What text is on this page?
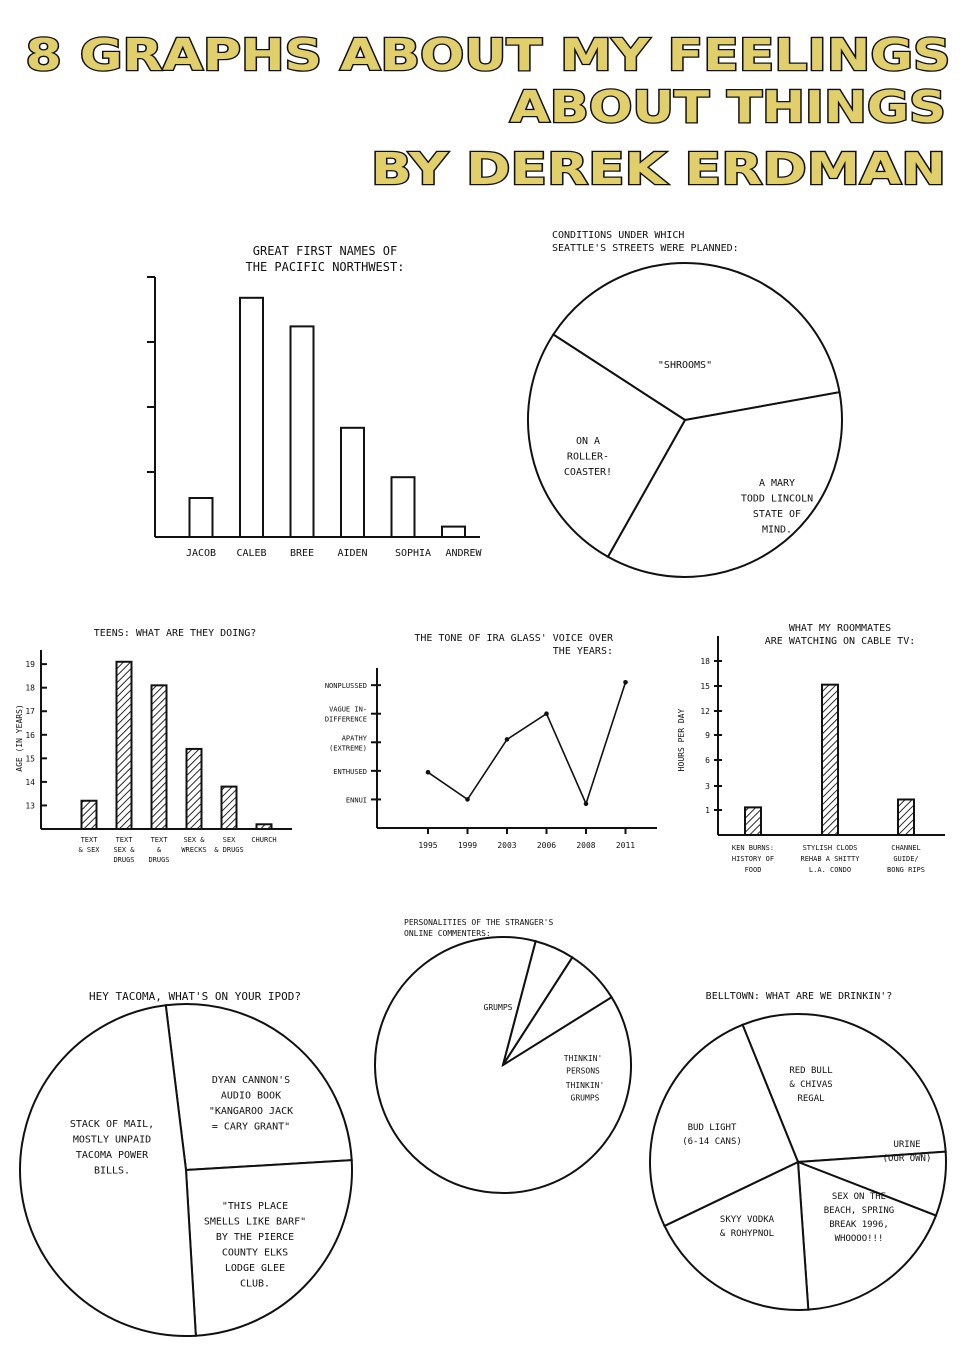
8 GRAPHS ABOUT MY FEELINGS
ABOUT THINGS
BY DEREK ERDMAN
GREAT FIRST NAMES OF
THE PACIFIC NORTHWEST:
JACOB CALEB BREE AIDEN	SOPHIA ANDREW
CONDITIONS UNDER WHICH
SEATTLE'S STREETS WERE PLANNED:
"SHROOMS"
A MARY
TODD LINCOLN
STATE OF
MIND.
ON A
ROLLER-
COASTER!
TEENS: WHAT ARE THEY DOING?
AGE (IN YEARS)
13
14
15
16
17
18
19
TEXT
& SEX
TEXT
SEX &
DRUGS
TEXT
&
DRUGS
SEX &
WRECKS
SEX
& DRUGS
CHURCH
THE TONE OF IRA GLASS' VOICE OVER
THE YEARS:
ENNUI
ENTHUSED
APATHY
(EXTREME)
VAGUE IN-
DIFFERENCE
NONPLUSSED
1995	1999	2003	2006	2008	2011
WHAT MY ROOMMATES
ARE WATCHING ON CABLE TV:
HOURS PER DAY
1
3
6
9
12
15
18
KEN BURNS:
HISTORY OF
FOOD
STYLISH CLODS
REHAB A SHITTY
L.A. CONDO
CHANNEL
GUIDE/
BONG RIPS
HEY TACOMA, WHAT'S ON YOUR IPOD?
DYAN CANNON'S
AUDIO BOOK
"KANGAROO JACK
= CARY GRANT"
"THIS PLACE
SMELLS LIKE BARF"
BY THE PIERCE
COUNTY ELKS
LODGE GLEE
CLUB.
STACK OF MAIL,
MOSTLY UNPAID
TACOMA POWER
BILLS.
PERSONALITIES OF THE STRANGER'S
ONLINE COMMENTERS:
GRUMPS
THINKIN'
PERSONS
THINKIN'
GRUMPS
BELLTOWN: WHAT ARE WE DRINKIN'?
RED BULL
& CHIVAS
REGAL
URINE
(OUR OWN)
SEX ON THE
BEACH, SPRING
BREAK 1996,
WHOOOO!!!
SKYY VODKA
& ROHYPNOL
BUD LIGHT
(6-14 CANS)
